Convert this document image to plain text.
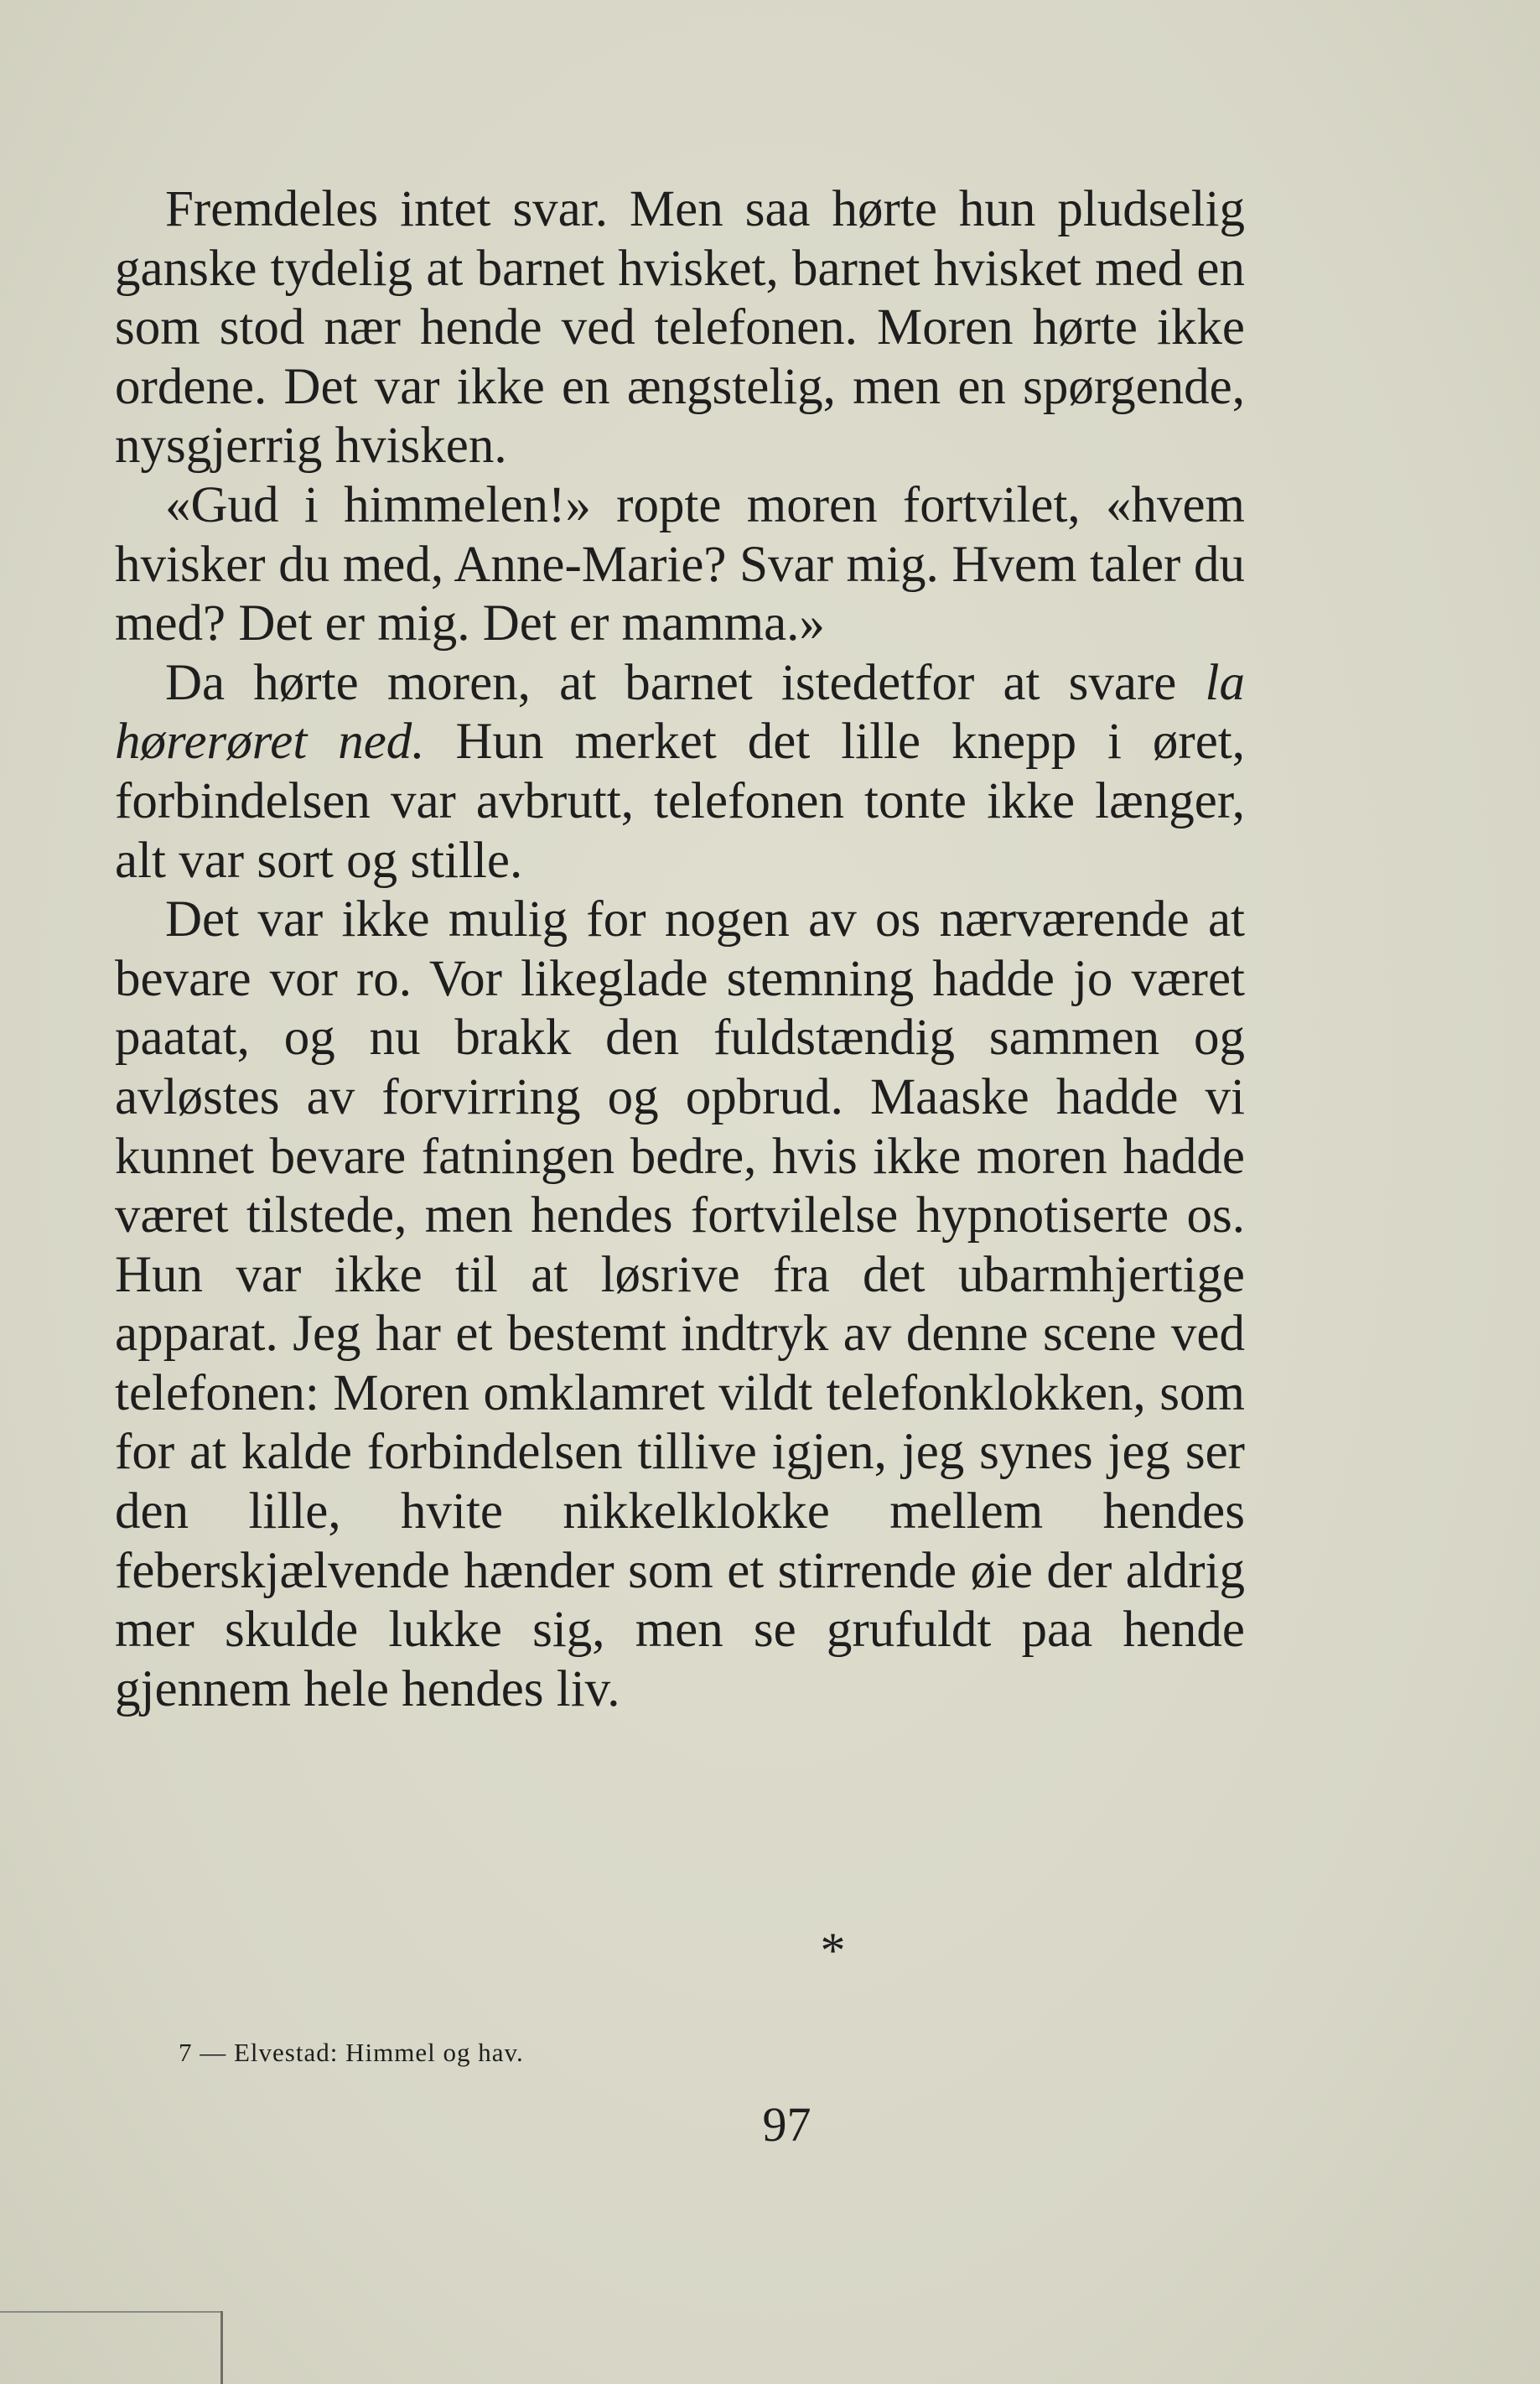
Fremdeles intet svar. Men saa hørte hun pludselig ganske tydelig at barnet hvisket, barnet hvisket med en som stod nær hende ved telefonen. Moren hørte ikke ordene. Det var ikke en ængstelig, men en spørgende, nysgjerrig hvisken.

«Gud i himmelen!» ropte moren fortvilet, «hvem hvisker du med, Anne-Marie? Svar mig. Hvem taler du med? Det er mig. Det er mamma.»

Da hørte moren, at barnet istedetfor at svare la hørerøret ned. Hun merket det lille knepp i øret, forbindelsen var avbrutt, telefonen tonte ikke længer, alt var sort og stille.

Det var ikke mulig for nogen av os nærværende at bevare vor ro. Vor likeglade stemning hadde jo været paatat, og nu brakk den fuldstændig sammen og avløstes av forvirring og opbrud. Maaske hadde vi kunnet bevare fatningen bedre, hvis ikke moren hadde været tilstede, men hendes fortvilelse hypnotiserte os. Hun var ikke til at løsrive fra det ubarmhjertige apparat. Jeg har et bestemt indtryk av denne scene ved telefonen: Moren omklamret vildt telefonklokken, som for at kalde forbindelsen tillive igjen, jeg synes jeg ser den lille, hvite nikkelklokke mellem hendes feberskjælvende hænder som et stirrende øie der aldrig mer skulde lukke sig, men se grufuldt paa hende gjennem hele hendes liv.

*
7 — Elvestad: Himmel og hav.
97
